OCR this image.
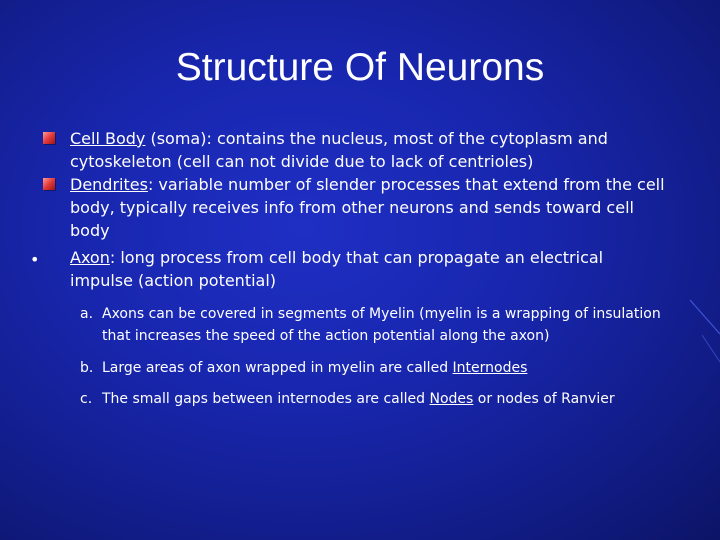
Structure Of Neurons
Cell Body (soma): contains the nucleus, most of the cytoplasm and cytoskeleton (cell can not divide due to lack of centrioles)
Dendrites: variable number of slender processes that extend from the cell body, typically receives info from other neurons and sends toward cell body
• Axon: long process from cell body that can propagate an electrical impulse (action potential)
a. Axons can be covered in segments of Myelin (myelin is a wrapping of insulation that increases the speed of the action potential along the axon)
b. Large areas of axon wrapped in myelin are called Internodes
c. The small gaps between internodes are called Nodes or nodes of Ranvier
